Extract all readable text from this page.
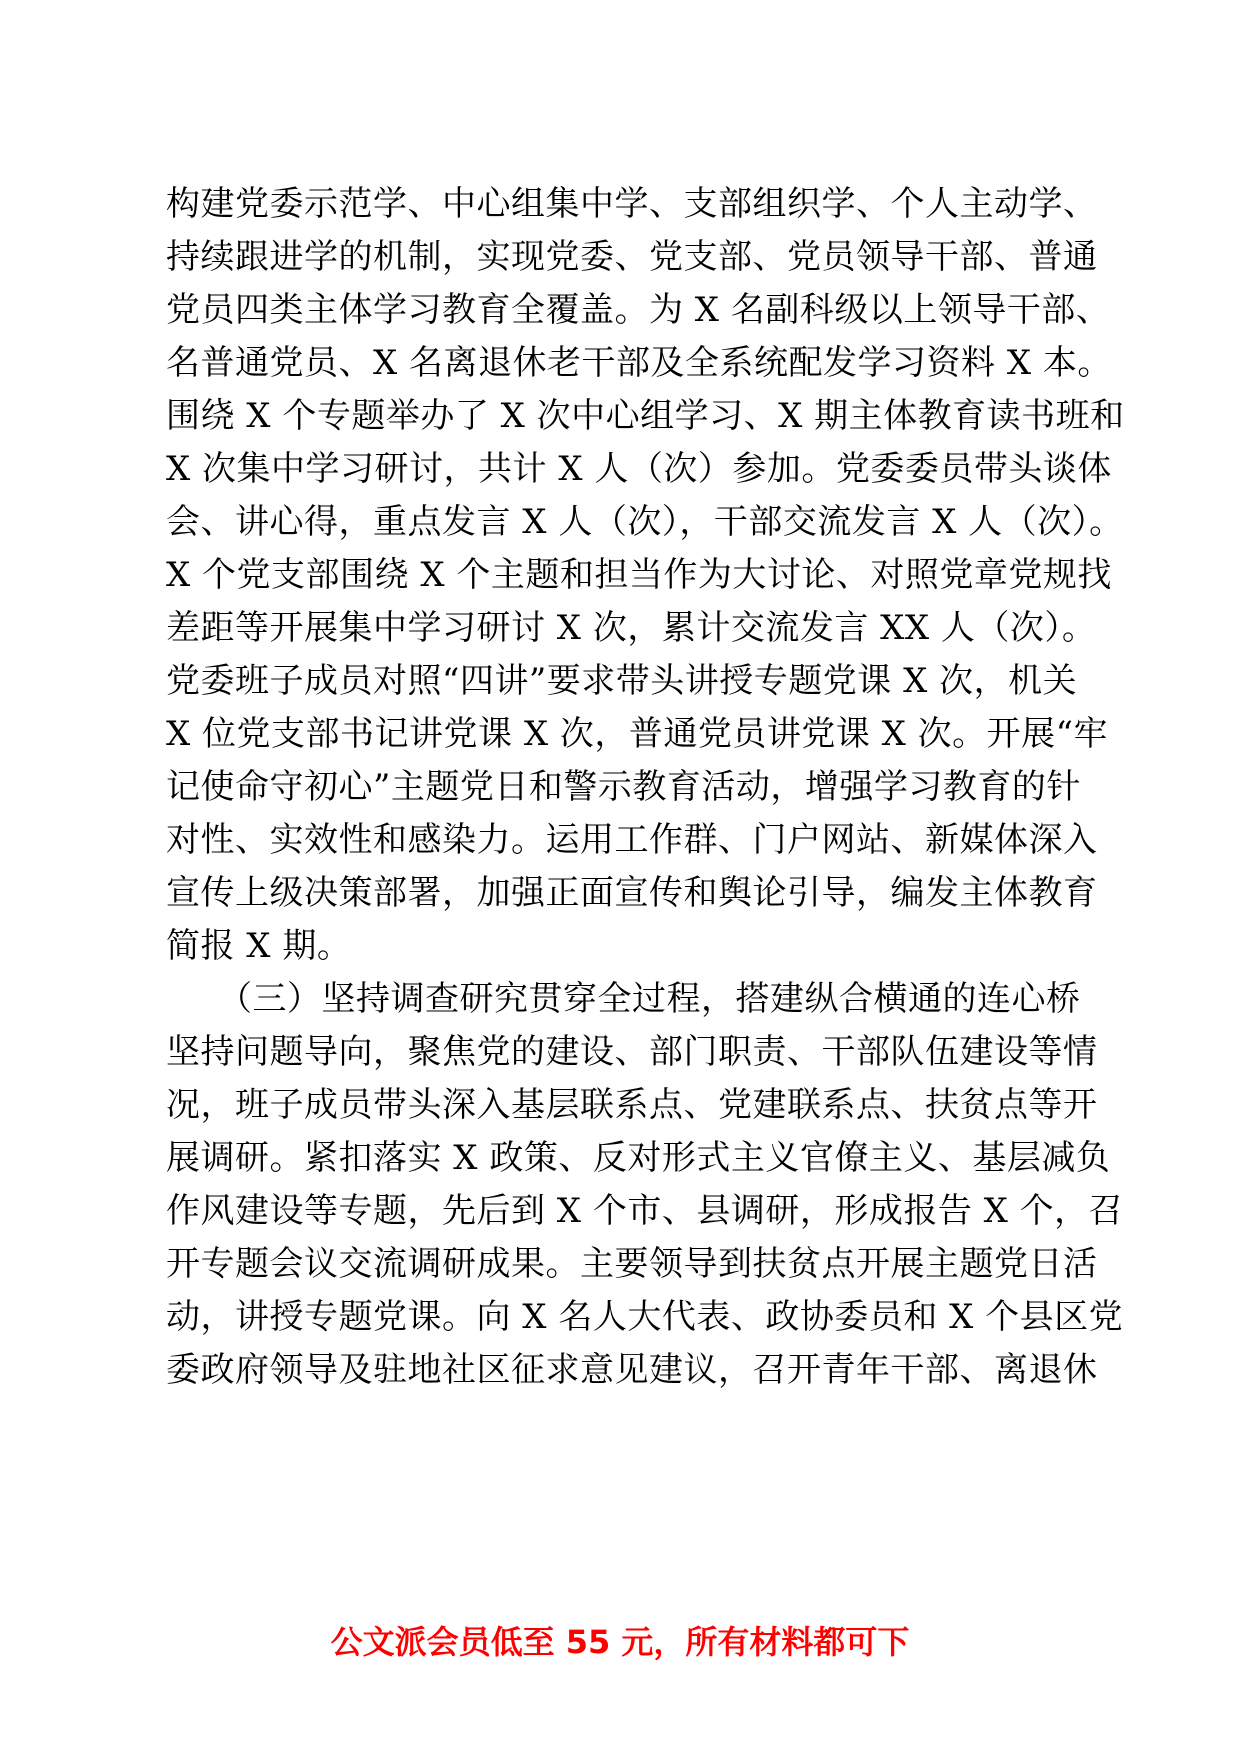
构建党委示范学、中心组集中学、支部组织学、个人主动学、
持续跟进学的机制，实现党委、党支部、党员领导干部、普通
党员四类主体学习教育全覆盖。为 X 名副科级以上领导干部、
名普通党员、X 名离退休老干部及全系统配发学习资料 X 本。
围绕 X 个专题举办了 X 次中心组学习、X 期主体教育读书班和
X 次集中学习研讨，共计 X 人（次）参加。党委委员带头谈体
会、讲心得，重点发言 X 人（次），干部交流发言 X 人（次）。
X 个党支部围绕 X 个主题和担当作为大讨论、对照党章党规找
差距等开展集中学习研讨 X 次，累计交流发言 XX 人（次）。
党委班子成员对照“四讲”要求带头讲授专题党课 X 次，机关
X 位党支部书记讲党课 X 次，普通党员讲党课 X 次。开展“牢
记使命守初心”主题党日和警示教育活动，增强学习教育的针
对性、实效性和感染力。运用工作群、门户网站、新媒体深入
宣传上级决策部署，加强正面宣传和舆论引导，编发主体教育
简报 X 期。
　　（三）坚持调查研究贯穿全过程，搭建纵合横通的连心桥
坚持问题导向，聚焦党的建设、部门职责、干部队伍建设等情
况，班子成员带头深入基层联系点、党建联系点、扶贫点等开
展调研。紧扣落实 X 政策、反对形式主义官僚主义、基层减负
作风建设等专题，先后到 X 个市、县调研，形成报告 X 个，召
开专题会议交流调研成果。主要领导到扶贫点开展主题党日活
动，讲授专题党课。向 X 名人大代表、政协委员和 X 个县区党
委政府领导及驻地社区征求意见建议，召开青年干部、离退休
公文派会员低至 55 元，所有材料都可下
